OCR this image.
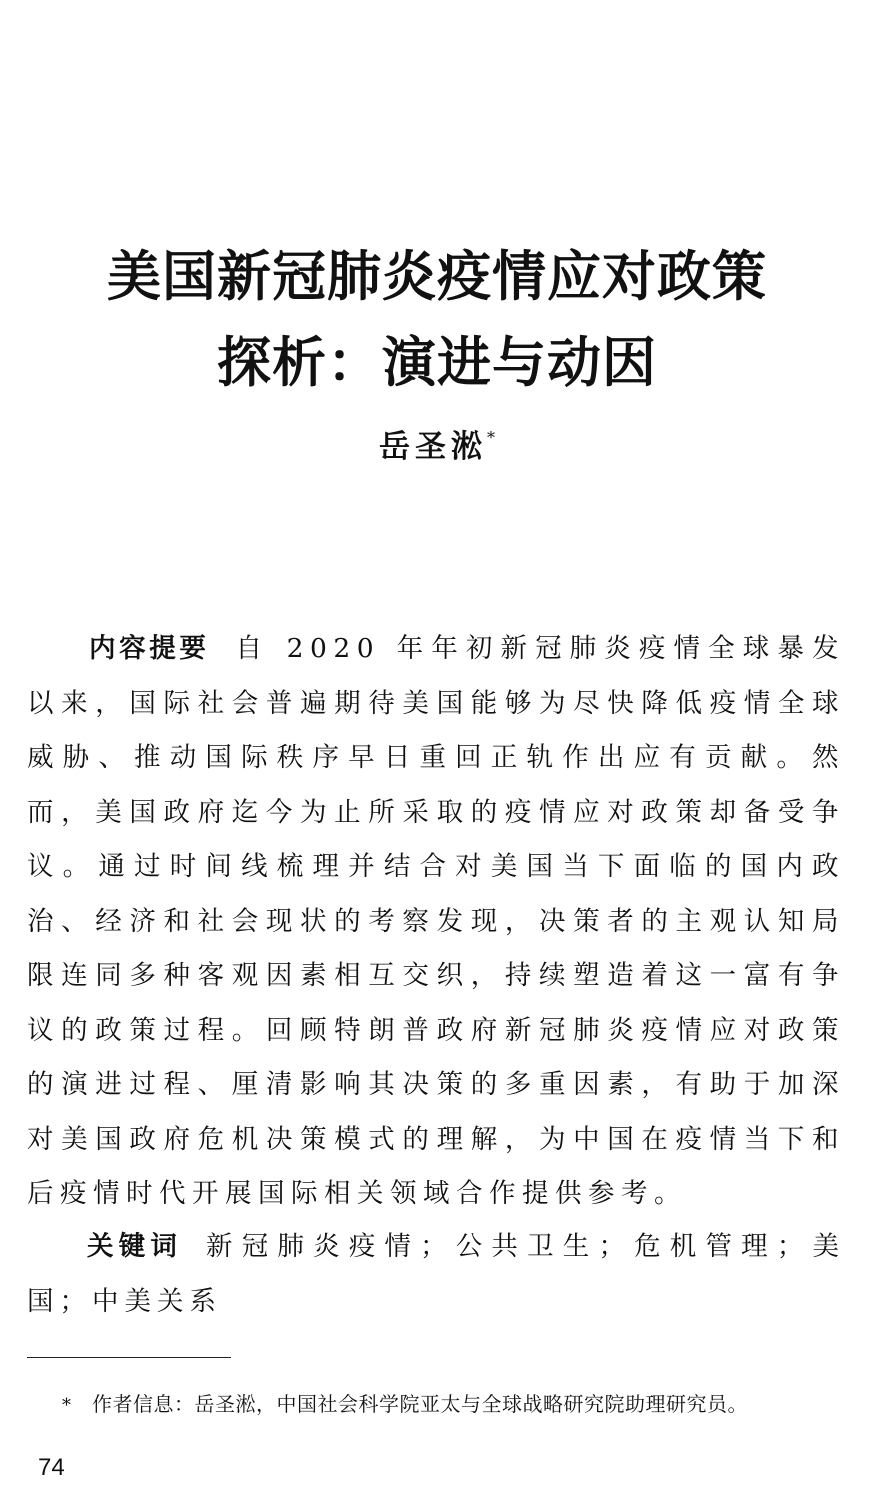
美国新冠肺炎疫情应对政策
探析：演进与动因
岳圣淞*

内容提要 自 2020 年年初新冠肺炎疫情全球暴发以来，国际社会普遍期待美国能够为尽快降低疫情全球威胁、推动国际秩序早日重回正轨作出应有贡献。然而，美国政府迄今为止所采取的疫情应对政策却备受争议。通过时间线梳理并结合对美国当下面临的国内政治、经济和社会现状的考察发现，决策者的主观认知局限连同多种客观因素相互交织，持续塑造着这一富有争议的政策过程。回顾特朗普政府新冠肺炎疫情应对政策的演进过程、厘清影响其决策的多重因素，有助于加深对美国政府危机决策模式的理解，为中国在疫情当下和后疫情时代开展国际相关领域合作提供参考。

关键词 新冠肺炎疫情；公共卫生；危机管理；美国；中美关系

* 作者信息：岳圣淞，中国社会科学院亚太与全球战略研究院助理研究员。
74
